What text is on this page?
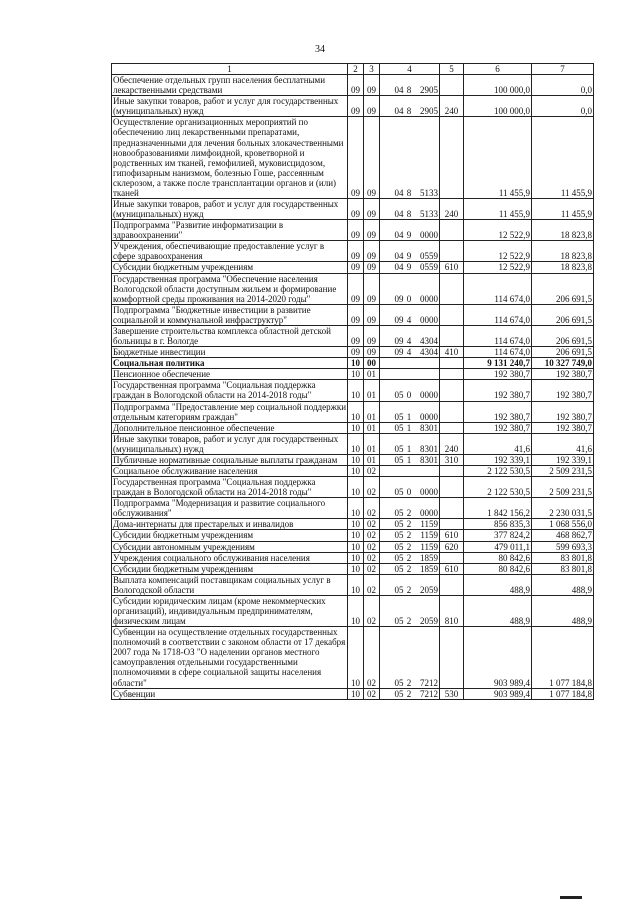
34
1	2	3	4	5	6	7
Обеспечение отдельных групп населения бесплатными лекарственными средствами	09	09	04 8 2905		100 000,0	0,0
Иные закупки товаров, работ и услуг для государственных (муниципальных) нужд	09	09	04 8 2905	240	100 000,0	0,0
Осуществление организационных мероприятий по обеспечению лиц лекарственными препаратами, предназначенными для лечения больных злокачественными новообразованиями лимфоидной, кроветворной и родственных им тканей, гемофилией, муковисцидозом, гипофизарным нанизмом, болезнью Гоше, рассеянным склерозом, а также после трансплантации органов и (или) тканей	09	09	04 8 5133		11 455,9	11 455,9
Иные закупки товаров, работ и услуг для государственных (муниципальных) нужд	09	09	04 8 5133	240	11 455,9	11 455,9
Подпрограмма "Развитие информатизации в здравоохранении"	09	09	04 9 0000		12 522,9	18 823,8
Учреждения, обеспечивающие предоставление услуг в сфере здравоохранения	09	09	04 9 0559		12 522,9	18 823,8
Субсидии бюджетным учреждениям	09	09	04 9 0559	610	12 522,9	18 823,8
Государственная программа "Обеспечение населения Вологодской области доступным жильем и формирование комфортной среды проживания на 2014-2020 годы"	09	09	09 0 0000		114 674,0	206 691,5
Подпрограмма "Бюджетные инвестиции в развитие социальной и коммунальной инфраструктур"	09	09	09 4 0000		114 674,0	206 691,5
Завершение строительства комплекса областной детской больницы в г. Вологде	09	09	09 4 4304		114 674,0	206 691,5
Бюджетные инвестиции	09	09	09 4 4304	410	114 674,0	206 691,5
Социальная политика	10	00			9 131 240,7	10 327 749,0
Пенсионное обеспечение	10	01			192 380,7	192 380,7
Государственная программа "Социальная поддержка граждан в Вологодской области на 2014-2018 годы"	10	01	05 0 0000		192 380,7	192 380,7
Подпрограмма "Предоставление мер социальной поддержки отдельным категориям граждан"	10	01	05 1 0000		192 380,7	192 380,7
Дополнительное пенсионное обеспечение	10	01	05 1 8301		192 380,7	192 380,7
Иные закупки товаров, работ и услуг для государственных (муниципальных) нужд	10	01	05 1 8301	240	41,6	41,6
Публичные нормативные социальные выплаты гражданам	10	01	05 1 8301	310	192 339,1	192 339,1
Социальное обслуживание населения	10	02			2 122 530,5	2 509 231,5
Государственная программа "Социальная поддержка граждан в Вологодской области на 2014-2018 годы"	10	02	05 0 0000		2 122 530,5	2 509 231,5
Подпрограмма "Модернизация и развитие социального обслуживания"	10	02	05 2 0000		1 842 156,2	2 230 031,5
Дома-интернаты для престарелых и инвалидов	10	02	05 2 1159		856 835,3	1 068 556,0
Субсидии бюджетным учреждениям	10	02	05 2 1159	610	377 824,2	468 862,7
Субсидии автономным учреждениям	10	02	05 2 1159	620	479 011,1	599 693,3
Учреждения социального обслуживания населения	10	02	05 2 1859		80 842,6	83 801,8
Субсидии бюджетным учреждениям	10	02	05 2 1859	610	80 842,6	83 801,8
Выплата компенсаций поставщикам социальных услуг в Вологодской области	10	02	05 2 2059		488,9	488,9
Субсидии юридическим лицам (кроме некоммерческих организаций), индивидуальным предпринимателям, физическим лицам	10	02	05 2 2059	810	488,9	488,9
Субвенции на осуществление отдельных государственных полномочий в соответствии с законом области от 17 декабря 2007 года № 1718-ОЗ "О наделении органов местного самоуправления отдельными государственными полномочиями в сфере социальной защиты населения области"	10	02	05 2 7212		903 989,4	1 077 184,8
Субвенции	10	02	05 2 7212	530	903 989,4	1 077 184,8
